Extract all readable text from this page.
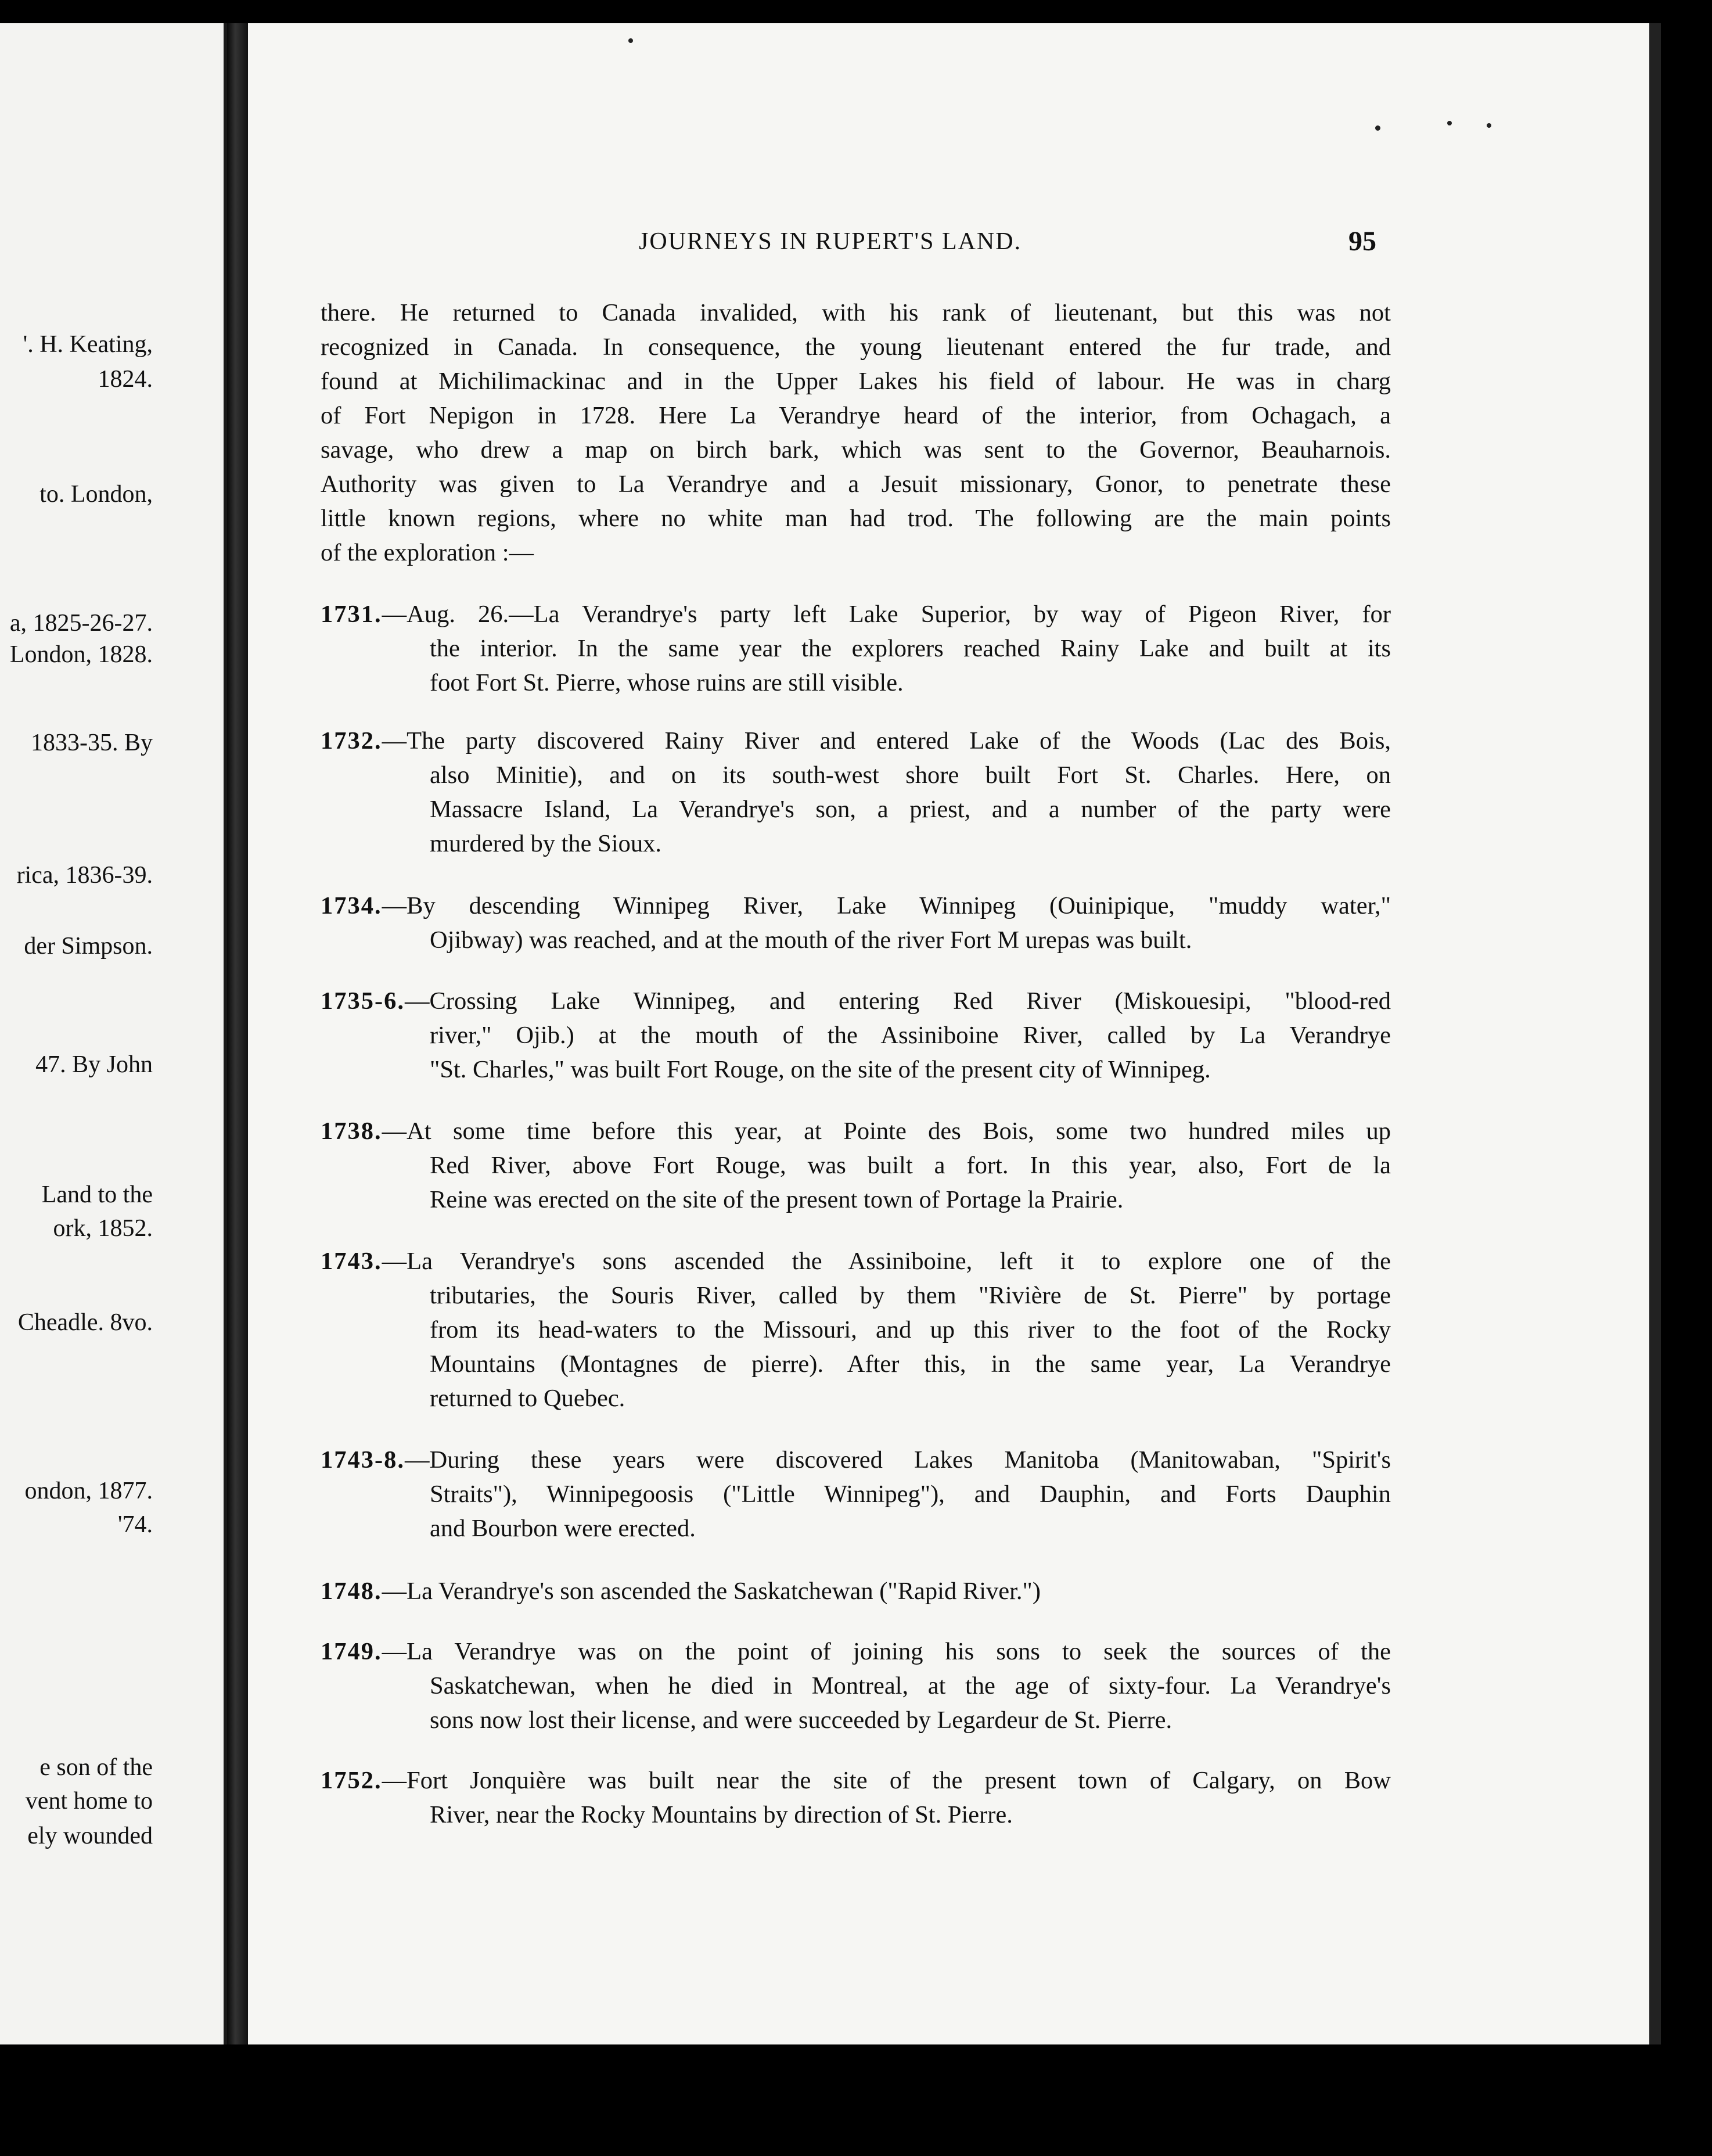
'. H. Keating,
1824.
to. London,
a, 1825-26-27.
London, 1828.
1833-35. By
rica, 1836-39.
der Simpson.
47. By John
Land to the
ork, 1852.
Cheadle. 8vo.
ondon, 1877.
'74.
e son of the
vent home to
ely wounded
JOURNEYS IN RUPERT'S LAND.	95
there. He returned to Canada invalided, with his rank of lieutenant, but this was not
recognized in Canada. In consequence, the young lieutenant entered the fur trade, and
found at Michilimackinac and in the Upper Lakes his field of labour. He was in charg
of Fort Nepigon in 1728. Here La Verandrye heard of the interior, from Ochagach, a
savage, who drew a map on birch bark, which was sent to the Governor, Beauharnois.
Authority was given to La Verandrye and a Jesuit missionary, Gonor, to penetrate these
little known regions, where no white man had trod. The following are the main points
of the exploration :—
1731.—Aug. 26.—La Verandrye's party left Lake Superior, by way of Pigeon River, for
the interior. In the same year the explorers reached Rainy Lake and built at its
foot Fort St. Pierre, whose ruins are still visible.
1732.—The party discovered Rainy River and entered Lake of the Woods (Lac des Bois,
also Minitie), and on its south-west shore built Fort St. Charles. Here, on
Massacre Island, La Verandrye's son, a priest, and a number of the party were
murdered by the Sioux.
1734.—By descending Winnipeg River, Lake Winnipeg (Ouinipique, "muddy water,"
Ojibway) was reached, and at the mouth of the river Fort M urepas was built.
1735-6.—Crossing Lake Winnipeg, and entering Red River (Miskouesipi, "blood-red
river," Ojib.) at the mouth of the Assiniboine River, called by La Verandrye
"St. Charles," was built Fort Rouge, on the site of the present city of Winnipeg.
1738.—At some time before this year, at Pointe des Bois, some two hundred miles up
Red River, above Fort Rouge, was built a fort. In this year, also, Fort de la
Reine was erected on the site of the present town of Portage la Prairie.
1743.—La Verandrye's sons ascended the Assiniboine, left it to explore one of the
tributaries, the Souris River, called by them "Rivière de St. Pierre" by portage
from its head-waters to the Missouri, and up this river to the foot of the Rocky
Mountains (Montagnes de pierre). After this, in the same year, La Verandrye
returned to Quebec.
1743-8.—During these years were discovered Lakes Manitoba (Manitowaban, "Spirit's
Straits"), Winnipegoosis ("Little Winnipeg"), and Dauphin, and Forts Dauphin
and Bourbon were erected.
1748.—La Verandrye's son ascended the Saskatchewan ("Rapid River.")
1749.—La Verandrye was on the point of joining his sons to seek the sources of the
Saskatchewan, when he died in Montreal, at the age of sixty-four. La Verandrye's
sons now lost their license, and were succeeded by Legardeur de St. Pierre.
1752.—Fort Jonquière was built near the site of the present town of Calgary, on Bow
River, near the Rocky Mountains by direction of St. Pierre.
